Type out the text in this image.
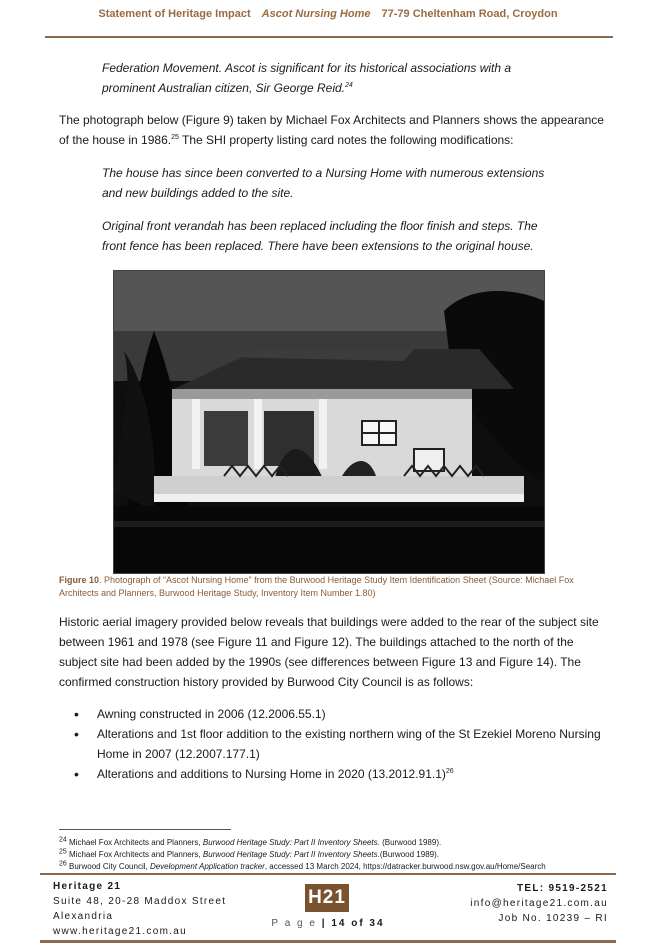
Statement of Heritage Impact Ascot Nursing Home 77-79 Cheltenham Road, Croydon
Federation Movement. Ascot is significant for its historical associations with a prominent Australian citizen, Sir George Reid.$^{24}$
The photograph below (Figure 9) taken by Michael Fox Architects and Planners shows the appearance of the house in 1986.25 The SHI property listing card notes the following modifications:
The house has since been converted to a Nursing Home with numerous extensions and new buildings added to the site.
Original front verandah has been replaced including the floor finish and steps. The front fence has been replaced. There have been extensions to the original house.
Figure 10. Photograph of “Ascot Nursing Home” from the Burwood Heritage Study Item Identification Sheet (Source: Michael Fox Architects and Planners, Burwood Heritage Study, Inventory Item Number 1.80)
Historic aerial imagery provided below reveals that buildings were added to the rear of the subject site between 1961 and 1978 (see Figure 11 and Figure 12). The buildings attached to the north of the subject site had been added by the 1990s (see differences between Figure 13 and Figure 14). The confirmed construction history provided by Burwood City Council is as follows:
• Awning constructed in 2006 (12.2006.55.1)
• Alterations and 1st floor addition to the existing northern wing of the St Ezekiel Moreno Nursing Home in 2007 (12.2007.177.1)
• Alterations and additions to Nursing Home in 2020 $(13.2012.91.1)^{26}$
$^{24}$ Michael Fox Architects and Planners, Burwood Heritage Study: Part II Inventory Sheets. (Burwood 1989).
$^{25}$ Michael Fox Architects and Planners, Burwood Heritage Study: Part II Inventory Sheets.(Burwood 1989).
$^{26}$ Burwood City Council, Development Application tracker, accessed 13 March 2024, https://datracker.burwood.nsw.gov.au/Home/Search
Heritage 21
Suite 48, 20-28 Maddox Street
Alexandria
www.heritage21.com.au
H21
P a g e | 14 of 34
TEL: 9519-2521
info@heritage21.com.au
Job No. 10239 – RI
